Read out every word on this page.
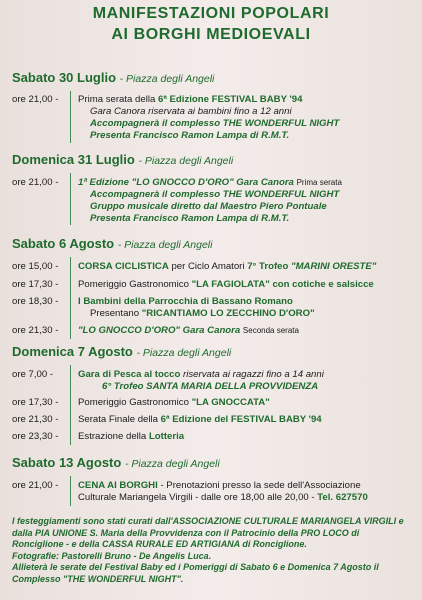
MANIFESTAZIONI POPOLARI
AI BORGHI MEDIOEVALI
Sabato 30 Luglio - Piazza degli Angeli
ore 21,00 - Prima serata della 6ª Edizione FESTIVAL BABY '94
Gara Canora riservata ai bambini fino a 12 anni
Accompagnerà il complesso THE WONDERFUL NIGHT
Presenta Francisco Ramon Lampa di R.M.T.
Domenica 31 Luglio - Piazza degli Angeli
ore 21,00 - 1ª Edizione "LO GNOCCO D'ORO" Gara Canora Prima serata
Accompagnerà il complesso THE WONDERFUL NIGHT
Gruppo musicale diretto dal Maestro Piero Pontuale
Presenta Francisco Ramon Lampa di R.M.T.
Sabato 6 Agosto - Piazza degli Angeli
ore 15,00 - CORSA CICLISTICA per Ciclo Amatori 7° Trofeo "MARINI ORESTE"
ore 17,30 - Pomeriggio Gastronomico "LA FAGIOLATA" con cotiche e salsicce
ore 18,30 - I Bambini della Parrocchia di Bassano Romano
Presentano "RICANTIAMO LO ZECCHINO D'ORO"
ore 21,30 - "LO GNOCCO D'ORO" Gara Canora Seconda serata
Domenica 7 Agosto - Piazza degli Angeli
ore 7,00 -	Gara di Pesca al tocco riservata ai ragazzi fino a 14 anni
6° Trofeo SANTA MARIA DELLA PROVVIDENZA
ore 17,30 - Pomeriggio Gastronomico "LA GNOCCATA"
ore 21,30 - Serata Finale della 6ª Edizione del FESTIVAL BABY '94
ore 23,30 - Estrazione della Lotteria
Sabato 13 Agosto - Piazza degli Angeli
ore 21,00 - CENA AI BORGHI - Prenotazioni presso la sede dell'Associazione
Culturale Mariangela Virgili - dalle ore 18,00 alle 20,00 - Tel. 627570

I festeggiamenti sono stati curati dall'ASSOCIAZIONE CULTURALE MARIANGELA VIRGILI e dalla PIA UNIONE S. Maria della Provvidenza con il Patrocinio della PRO LOCO di Ronciglione - e della CASSA RURALE ED ARTIGIANA di Ronciglione.

Fotografie: Pastorelli Bruno - De Angelis Luca.

Allieterà le serate del Festival Baby ed i Pomeriggi di Sabato 6 e Domenica 7 Agosto il Complesso "THE WONDERFUL NIGHT".
